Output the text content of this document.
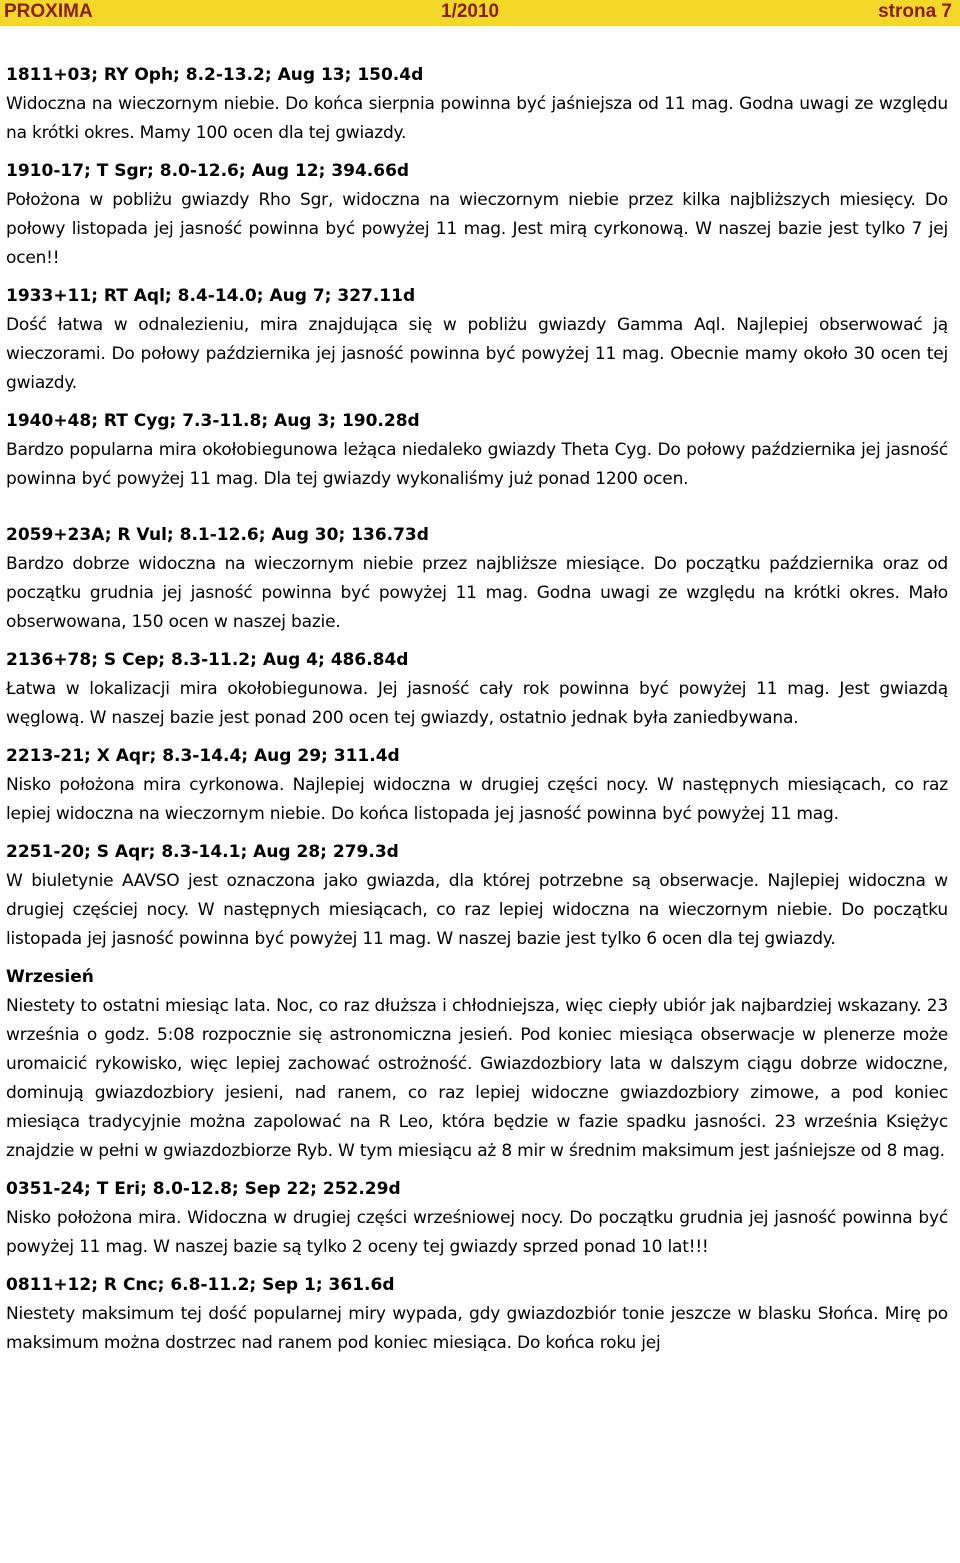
PROXIMA	1/2010	strona 7
1811+03; RY Oph; 8.2-13.2; Aug 13; 150.4d

Widoczna na wieczornym niebie. Do końca sierpnia powinna być jaśniejsza od 11 mag. Godna uwagi ze względu na krótki okres. Mamy 100 ocen dla tej gwiazdy.

1910-17; T Sgr; 8.0-12.6; Aug 12; 394.66d

Położona w pobliżu gwiazdy Rho Sgr, widoczna na wieczornym niebie przez kilka najbliższych miesięcy. Do połowy listopada jej jasność powinna być powyżej 11 mag. Jest mirą cyrkonową. W naszej bazie jest tylko 7 jej ocen!!

1933+11; RT Aql; 8.4-14.0; Aug 7; 327.11d

Dość łatwa w odnalezieniu, mira znajdująca się w pobliżu gwiazdy Gamma Aql. Najlepiej obserwować ją wieczorami. Do połowy października jej jasność powinna być powyżej 11 mag. Obecnie mamy około 30 ocen tej gwiazdy.

1940+48; RT Cyg; 7.3-11.8; Aug 3; 190.28d

Bardzo popularna mira okołobiegunowa leżąca niedaleko gwiazdy Theta Cyg. Do połowy października jej jasność powinna być powyżej 11 mag. Dla tej gwiazdy wykonaliśmy już ponad 1200 ocen.

2059+23A; R Vul; 8.1-12.6; Aug 30; 136.73d

Bardzo dobrze widoczna na wieczornym niebie przez najbliższe miesiące. Do początku października oraz od początku grudnia jej jasność powinna być powyżej 11 mag. Godna uwagi ze względu na krótki okres. Mało obserwowana, 150 ocen w naszej bazie.

2136+78; S Cep; 8.3-11.2; Aug 4; 486.84d

Łatwa w lokalizacji mira okołobiegunowa. Jej jasność cały rok powinna być powyżej 11 mag. Jest gwiazdą węglową. W naszej bazie jest ponad 200 ocen tej gwiazdy, ostatnio jednak była zaniedbywana.

2213-21; X Aqr; 8.3-14.4; Aug 29; 311.4d

Nisko położona mira cyrkonowa. Najlepiej widoczna w drugiej części nocy. W następnych miesiącach, co raz lepiej widoczna na wieczornym niebie. Do końca listopada jej jasność powinna być powyżej 11 mag.

2251-20; S Aqr; 8.3-14.1; Aug 28; 279.3d

W biuletynie AAVSO jest oznaczona jako gwiazda, dla której potrzebne są obserwacje. Najlepiej widoczna w drugiej częściej nocy. W następnych miesiącach, co raz lepiej widoczna na wieczornym niebie. Do początku listopada jej jasność powinna być powyżej 11 mag. W naszej bazie jest tylko 6 ocen dla tej gwiazdy.

Wrzesień

Niestety to ostatni miesiąc lata. Noc, co raz dłuższa i chłodniejsza, więc ciepły ubiór jak najbardziej wskazany. 23 września o godz. 5:08 rozpocznie się astronomiczna jesień. Pod koniec miesiąca obserwacje w plenerze może uromaicić rykowisko, więc lepiej zachować ostrożność. Gwiazdozbiory lata w dalszym ciągu dobrze widoczne, dominują gwiazdozbiory jesieni, nad ranem, co raz lepiej widoczne gwiazdozbiory zimowe, a pod koniec miesiąca tradycyjnie można zapolować na R Leo, która będzie w fazie spadku jasności. 23 września Księżyc znajdzie w pełni w gwiazdozbiorze Ryb. W tym miesiącu aż 8 mir w średnim maksimum jest jaśniejsze od 8 mag.

0351-24; T Eri; 8.0-12.8; Sep 22; 252.29d

Nisko położona mira. Widoczna w drugiej części wrześniowej nocy. Do początku grudnia jej jasność powinna być powyżej 11 mag. W naszej bazie są tylko 2 oceny tej gwiazdy sprzed ponad 10 lat!!!

0811+12; R Cnc; 6.8-11.2; Sep 1; 361.6d

Niestety maksimum tej dość popularnej miry wypada, gdy gwiazdozbiór tonie jeszcze w blasku Słońca. Mirę po maksimum można dostrzec nad ranem pod koniec miesiąca. Do końca roku jej
